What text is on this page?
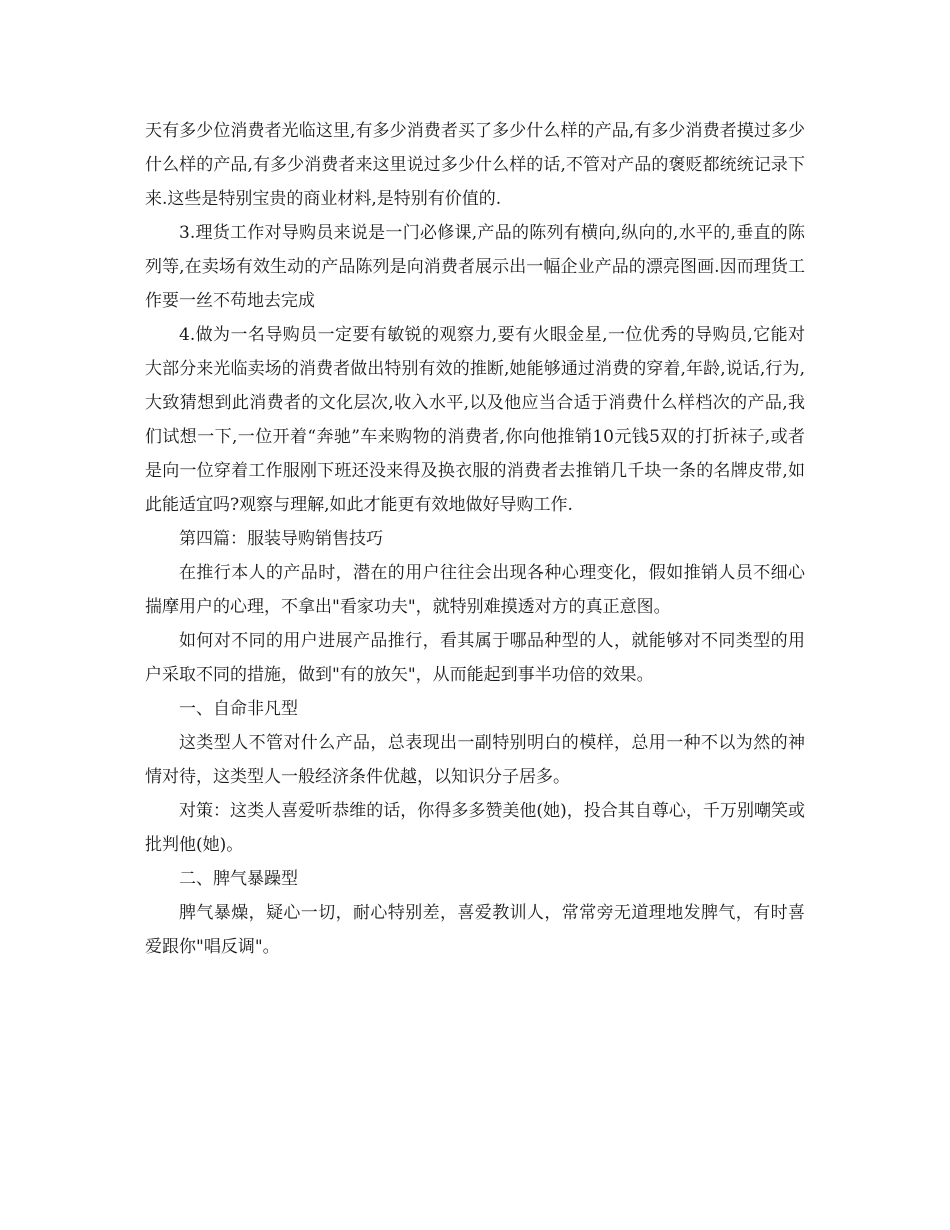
天有多少位消费者光临这里,有多少消费者买了多少什么样的产品,有多少消费者摸过多少什么样的产品,有多少消费者来这里说过多少什么样的话,不管对产品的褒贬都统统记录下来.这些是特别宝贵的商业材料,是特别有价值的.

3.理货工作对导购员来说是一门必修课,产品的陈列有横向,纵向的,水平的,垂直的陈列等,在卖场有效生动的产品陈列是向消费者展示出一幅企业产品的漂亮图画.因而理货工作要一丝不苟地去完成

4.做为一名导购员一定要有敏锐的观察力,要有火眼金星,一位优秀的导购员,它能对大部分来光临卖场的消费者做出特别有效的推断,她能够通过消费的穿着,年龄,说话,行为,大致猜想到此消费者的文化层次,收入水平,以及他应当合适于消费什么样档次的产品,我们试想一下,一位开着“奔驰”车来购物的消费者,你向他推销10元钱5双的打折袜子,或者是向一位穿着工作服刚下班还没来得及换衣服的消费者去推销几千块一条的名牌皮带,如此能适宜吗?观察与理解,如此才能更有效地做好导购工作.

第四篇：服装导购销售技巧

在推行本人的产品时，潜在的用户往往会出现各种心理变化，假如推销人员不细心揣摩用户的心理，不拿出"看家功夫"，就特别难摸透对方的真正意图。

如何对不同的用户进展产品推行，看其属于哪品种型的人，就能够对不同类型的用户采取不同的措施，做到"有的放矢"，从而能起到事半功倍的效果。

一、自命非凡型

这类型人不管对什么产品，总表现出一副特别明白的模样，总用一种不以为然的神情对待，这类型人一般经济条件优越，以知识分子居多。

对策：这类人喜爱听恭维的话，你得多多赞美他(她)，投合其自尊心，千万别嘲笑或批判他(她)。

二、脾气暴躁型

脾气暴燥，疑心一切，耐心特别差，喜爱教训人，常常旁无道理地发脾气，有时喜爱跟你"唱反调"。
